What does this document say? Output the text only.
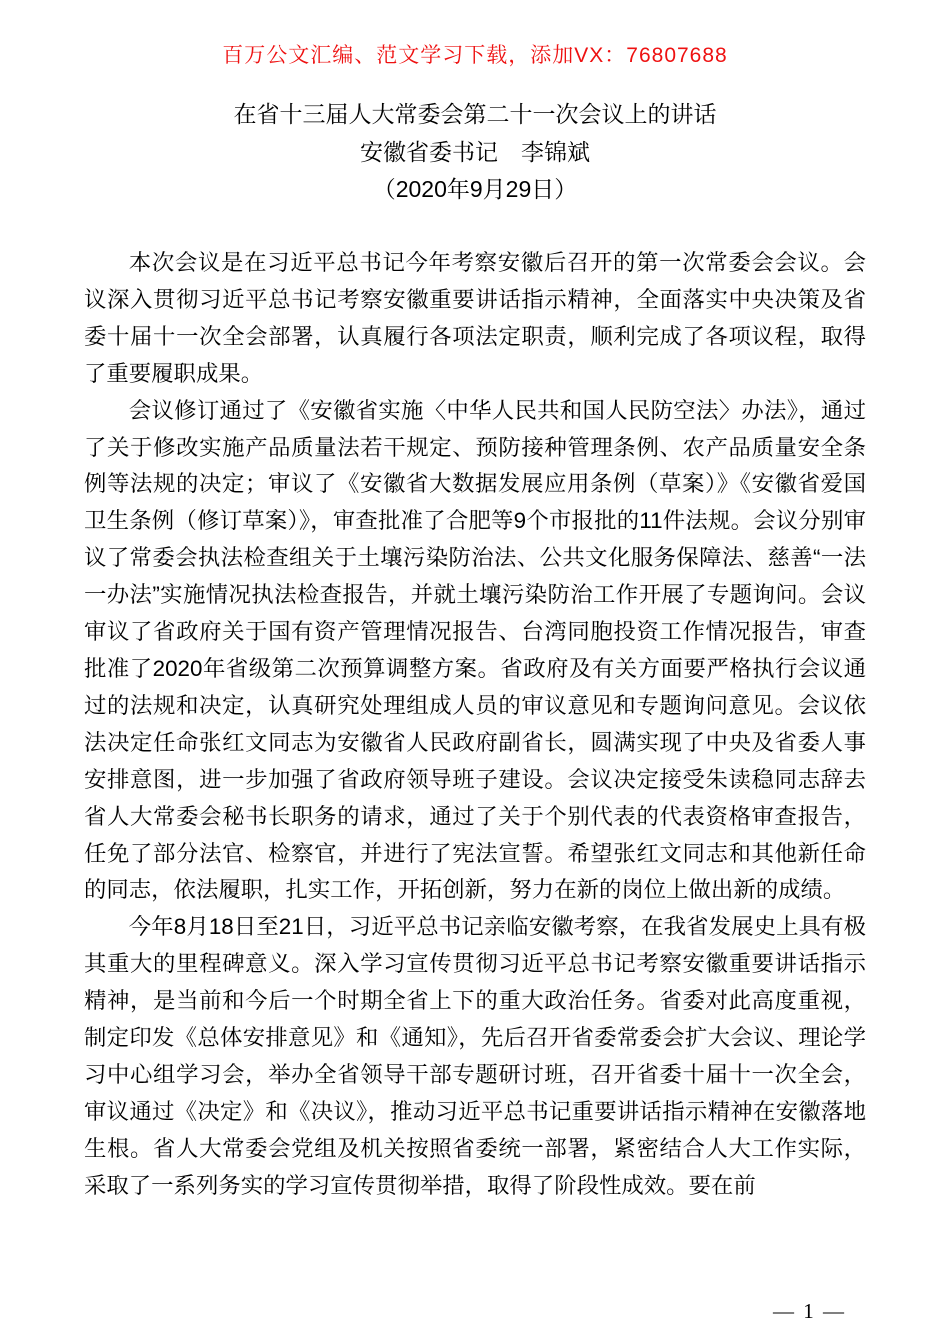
百万公文汇编、范文学习下载，添加VX：76807688
在省十三届人大常委会第二十一次会议上的讲话
安徽省委书记　李锦斌
（2020年9月29日）

本次会议是在习近平总书记今年考察安徽后召开的第一次常委会会议。会议深入贯彻习近平总书记考察安徽重要讲话指示精神，全面落实中央决策及省委十届十一次全会部署，认真履行各项法定职责，顺利完成了各项议程，取得了重要履职成果。

会议修订通过了《安徽省实施〈中华人民共和国人民防空法〉办法》，通过了关于修改实施产品质量法若干规定、预防接种管理条例、农产品质量安全条例等法规的决定；审议了《安徽省大数据发展应用条例（草案）》《安徽省爱国卫生条例（修订草案）》，审查批准了合肥等9个市报批的11件法规。会议分别审议了常委会执法检查组关于土壤污染防治法、公共文化服务保障法、慈善“一法一办法”实施情况执法检查报告，并就土壤污染防治工作开展了专题询问。会议审议了省政府关于国有资产管理情况报告、台湾同胞投资工作情况报告，审查批准了2020年省级第二次预算调整方案。省政府及有关方面要严格执行会议通过的法规和决定，认真研究处理组成人员的审议意见和专题询问意见。会议依法决定任命张红文同志为安徽省人民政府副省长，圆满实现了中央及省委人事安排意图，进一步加强了省政府领导班子建设。会议决定接受朱读稳同志辞去省人大常委会秘书长职务的请求，通过了关于个别代表的代表资格审查报告，任免了部分法官、检察官，并进行了宪法宣誓。希望张红文同志和其他新任命的同志，依法履职，扎实工作，开拓创新，努力在新的岗位上做出新的成绩。

今年8月18日至21日，习近平总书记亲临安徽考察，在我省发展史上具有极其重大的里程碑意义。深入学习宣传贯彻习近平总书记考察安徽重要讲话指示精神，是当前和今后一个时期全省上下的重大政治任务。省委对此高度重视，制定印发《总体安排意见》和《通知》，先后召开省委常委会扩大会议、理论学习中心组学习会，举办全省领导干部专题研讨班，召开省委十届十一次全会，审议通过《决定》和《决议》，推动习近平总书记重要讲话指示精神在安徽落地生根。省人大常委会党组及机关按照省委统一部署，紧密结合人大工作实际，采取了一系列务实的学习宣传贯彻举措，取得了阶段性成效。要在前

— 1 —
